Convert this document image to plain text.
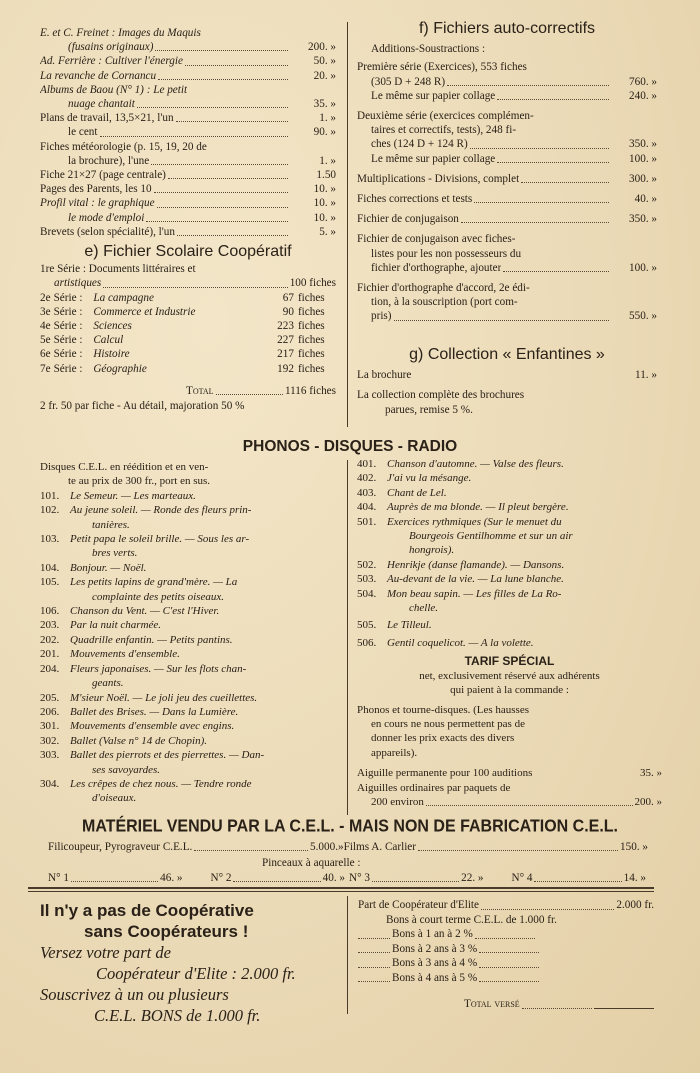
E. et C. Freinet : Images du Maquis
(fusains originaux)	200. »
Ad. Ferrière : Cultiver l'énergie	50. »
La revanche de Cornancu	20. »
Albums de Baou (N° 1) : Le petit
nuage chantait	35. »
Plans de travail, 13,5×21, l'un	1. »
le cent	90. »
Fiches météorologie (p. 15, 19, 20 de
la brochure), l'une	1. »
Fiche 21×27 (page centrale)	1.50
Pages des Parents, les 10	10. »
Profil vital : le graphique	10. »
le mode d'emploi	10. »
Brevets (selon spécialité), l'un	5. »
e) Fichier Scolaire Coopératif
1re Série : Documents littéraires et
artistiques	100 fiches
2e Série : La campagne	67 fiches
3e Série : Commerce et Industrie	90 fiches
4e Série : Sciences	223 fiches
5e Série : Calcul	227 fiches
6e Série : Histoire	217 fiches
7e Série : Géographie	192 fiches
Total	1116 fiches
2 fr. 50 par fiche - Au détail, majoration 50 %
f) Fichiers auto-correctifs
Additions-Soustractions :
Première série (Exercices), 553 fiches
(305 D + 248 R)	760. »
Le même sur papier collage	240. »
Deuxième série (exercices complémen-
taires et correctifs, tests), 248 fi-
ches (124 D + 124 R)	350. »
Le même sur papier collage	100. »
Multiplications - Divisions, complet	300. »
Fiches corrections et tests	40. »
Fichier de conjugaison	350. »
Fichier de conjugaison avec fiches-
listes pour les non possesseurs du
fichier d'orthographe, ajouter	100. »
Fichier d'orthographe d'accord, 2e édi-
tion, à la souscription (port com-
pris)	550. »
g) Collection « Enfantines »
La brochure	11. »
La collection complète des brochures
parues, remise 5 %.
PHONOS - DISQUES - RADIO
Disques C.E.L. en réédition et en ven-
te au prix de 300 fr., port en sus.
101. Le Semeur. — Les marteaux.
102. Au jeune soleil. — Ronde des fleurs prin-
tanières.
103. Petit papa le soleil brille. — Sous les ar-
bres verts.
104. Bonjour. — Noël.
105. Les petits lapins de grand'mère. — La
complainte des petits oiseaux.
106. Chanson du Vent. — C'est l'Hiver.
203. Par la nuit charmée.
202. Quadrille enfantin. — Petits pantins.
201. Mouvements d'ensemble.
204. Fleurs japonaises. — Sur les flots chan-
geants.
205. M'sieur Noël. — Le joli jeu des cueillettes.
206. Ballet des Brises. — Dans la Lumière.
301. Mouvements d'ensemble avec engins.
302. Ballet (Valse n° 14 de Chopin).
303. Ballet des pierrots et des pierrettes. — Dan-
ses savoyardes.
304. Les crêpes de chez nous. — Tendre ronde
d'oiseaux.
401. Chanson d'automne. — Valse des fleurs.
402. J'ai vu la mésange.
403. Chant de Lel.
404. Auprès de ma blonde. — Il pleut bergère.
501. Exercices rythmiques (Sur le menuet du
Bourgeois Gentilhomme et sur un air
hongrois).
502. Henrikje (danse flamande). — Dansons.
503. Au-devant de la vie. — La lune blanche.
504. Mon beau sapin. — Les filles de La Ro-
chelle.
505. Le Tilleul.
506. Gentil coquelicot. — A la volette.
TARIF SPÉCIAL
net, exclusivement réservé aux adhérents
qui paient à la commande :
Phonos et tourne-disques. (Les hausses
en cours ne nous permettent pas de
donner les prix exacts des divers
appareils).
Aiguille permanente pour 100 auditions	35. »
Aiguilles ordinaires par paquets de
200 environ	200. »
MATÉRIEL VENDU PAR LA C.E.L. - MAIS NON DE FABRICATION C.E.L.
Filicoupeur, Pyrograveur C.E.L.	5.000. »Films A. Carlier	150. »
Pinceaux à aquarelle :
N° 1	46. »	N° 2	40. » N° 3	22. »	N° 4	14. »
Il n'y a pas de Coopérative
sans Coopérateurs !
Versez votre part de
Coopérateur d'Elite : 2.000 fr.
Souscrivez à un ou plusieurs
C.E.L. BONS de 1.000 fr.
Part de Coopérateur d'Elite	2.000 fr.
Bons à court terme C.E.L. de 1.000 fr.
Bons à 1 an à 2 %
Bons à 2 ans à 3 %
Bons à 3 ans à 4 %
Bons à 4 ans à 5 %
Total versé
